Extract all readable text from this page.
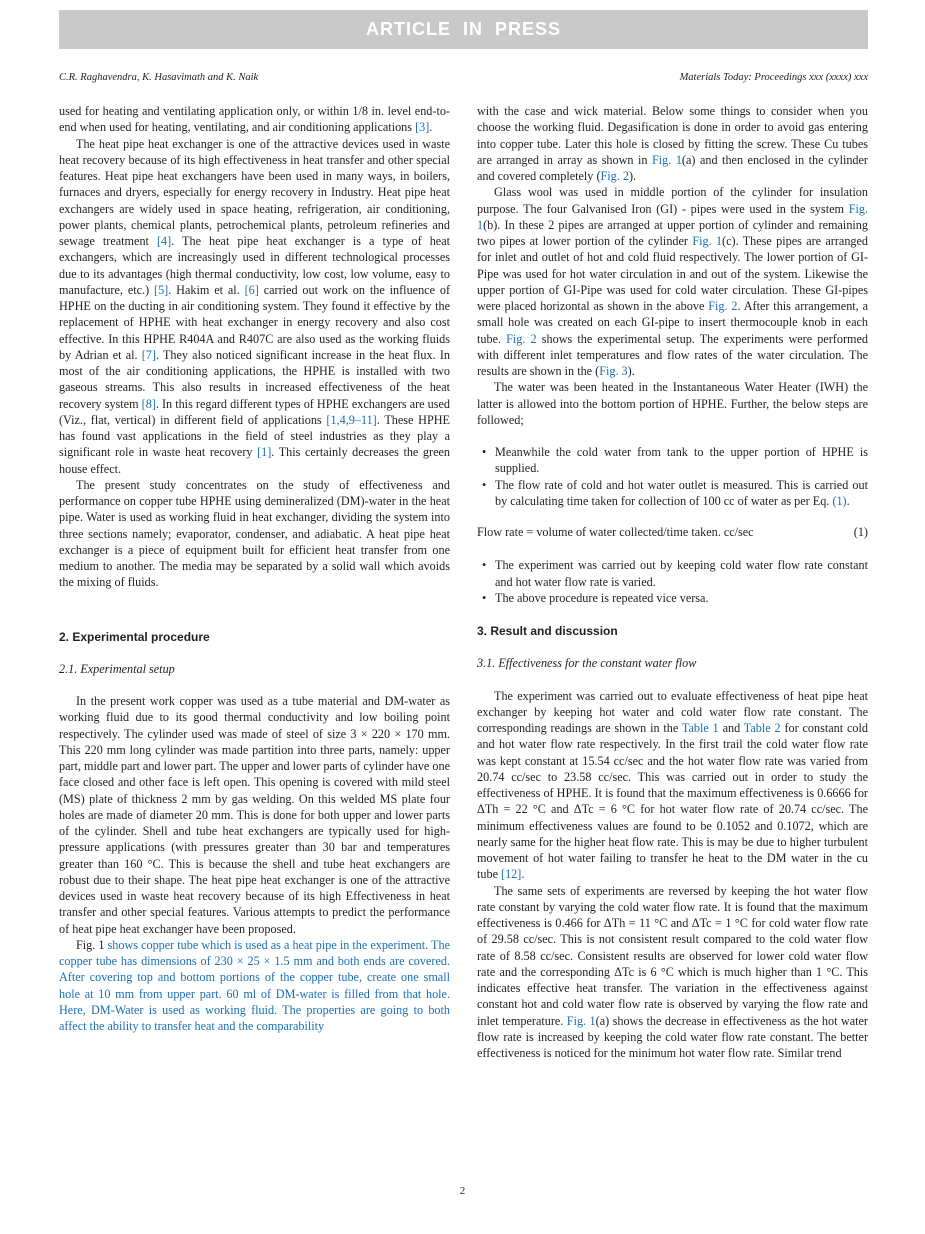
ARTICLE IN PRESS
C.R. Raghavendra, K. Hasavimath and K. Naik	Materials Today: Proceedings xxx (xxxx) xxx

used for heating and ventilating application only, or within 1/8 in. level end-to-end when used for heating, ventilating, and air conditioning applications [3].

The heat pipe heat exchanger is one of the attractive devices used in waste heat recovery because of its high effectiveness in heat transfer and other special features. Heat pipe heat exchangers have been used in many ways, in boilers, furnaces and dryers, especially for energy recovery in Industry. Heat pipe heat exchangers are widely used in space heating, refrigeration, air conditioning, power plants, chemical plants, petrochemical plants, petroleum refineries and sewage treatment [4]. The heat pipe heat exchanger is a type of heat exchangers, which are increasingly used in different technological processes due to its advantages (high thermal conductivity, low cost, low volume, easy to manufacture, etc.) [5]. Hakim et al. [6] carried out work on the influence of HPHE on the ducting in air conditioning system. They found it effective by the replacement of HPHE with heat exchanger in energy recovery and also cost effective. In this HPHE R404A and R407C are also used as the working fluids by Adrian et al. [7]. They also noticed significant increase in the heat flux. In most of the air conditioning applications, the HPHE is installed with two gaseous streams. This also results in increased effectiveness of the heat recovery system [8]. In this regard different types of HPHE exchangers are used (Viz., flat, vertical) in different field of applications [1,4,9–11]. These HPHE has found vast applications in the field of steel industries as they play a significant role in waste heat recovery [1]. This certainly decreases the green house effect.

The present study concentrates on the study of effectiveness and performance on copper tube HPHE using demineralized (DM)-water in the heat pipe. Water is used as working fluid in heat exchanger, dividing the system into three sections namely; evaporator, condenser, and adiabatic. A heat pipe heat exchanger is a piece of equipment built for efficient heat transfer from one medium to another. The media may be separated by a solid wall which avoids the mixing of fluids.

2. Experimental procedure
2.1. Experimental setup

In the present work copper was used as a tube material and DM-water as working fluid due to its good thermal conductivity and low boiling point respectively. The cylinder used was made of steel of size 3 × 220 × 170 mm. This 220 mm long cylinder was made partition into three parts, namely: upper part, middle part and lower part. The upper and lower parts of cylinder have one face closed and other face is left open. This opening is covered with mild steel (MS) plate of thickness 2 mm by gas welding. On this welded MS plate four holes are made of diameter 20 mm. This is done for both upper and lower parts of the cylinder. Shell and tube heat exchangers are typically used for high-pressure applications (with pressures greater than 30 bar and temperatures greater than 160 °C. This is because the shell and tube heat exchangers are robust due to their shape. The heat pipe heat exchanger is one of the attractive devices used in waste heat recovery because of its high Effectiveness in heat transfer and other special features. Various attempts to predict the performance of heat pipe heat exchanger have been proposed.

Fig. 1 shows copper tube which is used as a heat pipe in the experiment. The copper tube has dimensions of 230 × 25 × 1.5 mm and both ends are covered. After covering top and bottom portions of the copper tube, create one small hole at 10 mm from upper part. 60 ml of DM-water is filled from that hole. Here, DM-Water is used as working fluid. The properties are going to both affect the ability to transfer heat and the comparability

with the case and wick material. Below some things to consider when you choose the working fluid. Degasification is done in order to avoid gas entering into copper tube. Later this hole is closed by fitting the screw. These Cu tubes are arranged in array as shown in Fig. 1(a) and then enclosed in the cylinder and covered completely (Fig. 2).

Glass wool was used in middle portion of the cylinder for insulation purpose. The four Galvanised Iron (GI) - pipes were used in the system Fig. 1(b). In these 2 pipes are arranged at upper portion of cylinder and remaining two pipes at lower portion of the cylinder Fig. 1(c). These pipes are arranged for inlet and outlet of hot and cold fluid respectively. The lower portion of GI-Pipe was used for hot water circulation in and out of the system. Likewise the upper portion of GI-Pipe was used for cold water circulation. These GI-pipes were placed horizontal as shown in the above Fig. 2. After this arrangement, a small hole was created on each GI-pipe to insert thermocouple knob in each tube. Fig. 2 shows the experimental setup. The experiments were performed with different inlet temperatures and flow rates of the water circulation. The results are shown in the (Fig. 3).

The water was been heated in the Instantaneous Water Heater (IWH) the latter is allowed into the bottom portion of HPHE. Further, the below steps are followed;

• Meanwhile the cold water from tank to the upper portion of HPHE is supplied.
• The flow rate of cold and hot water outlet is measured. This is carried out by calculating time taken for collection of 100 cc of water as per Eq. (1).
Flow rate = volume of water collected/time taken. cc/sec	(1)
• The experiment was carried out by keeping cold water flow rate constant and hot water flow rate is varied.
• The above procedure is repeated vice versa.
3. Result and discussion
3.1. Effectiveness for the constant water flow

The experiment was carried out to evaluate effectiveness of heat pipe heat exchanger by keeping hot water and cold water flow rate constant. The corresponding readings are shown in the Table 1 and Table 2 for constant cold and hot water flow rate respectively. In the first trail the cold water flow rate was kept constant at 15.54 cc/sec and the hot water flow rate was varied from 20.74 cc/sec to 23.58 cc/sec. This was carried out in order to study the effectiveness of HPHE. It is found that the maximum effectiveness is 0.6666 for ΔTh = 22 °C and ΔTc = 6 °C for hot water flow rate of 20.74 cc/sec. The minimum effectiveness values are found to be 0.1052 and 0.1072, which are nearly same for the higher heat flow rate. This is may be due to higher turbulent movement of hot water failing to transfer he heat to the DM water in the cu tube [12].

The same sets of experiments are reversed by keeping the hot water flow rate constant by varying the cold water flow rate. It is found that the maximum effectiveness is 0.466 for ΔTh = 11 °C and ΔTc = 1 °C for cold water flow rate of 29.58 cc/sec. This is not consistent result compared to the cold water flow rate of 8.58 cc/sec. Consistent results are observed for lower cold water flow rate and the corresponding ΔTc is 6 °C which is much higher than 1 °C. This indicates effective heat transfer. The variation in the effectiveness against constant hot and cold water flow rate is observed by varying the flow rate and inlet temperature. Fig. 1(a) shows the decrease in effectiveness as the hot water flow rate is increased by keeping the cold water flow rate constant. The better effectiveness is noticed for the minimum hot water flow rate. Similar trend

2
